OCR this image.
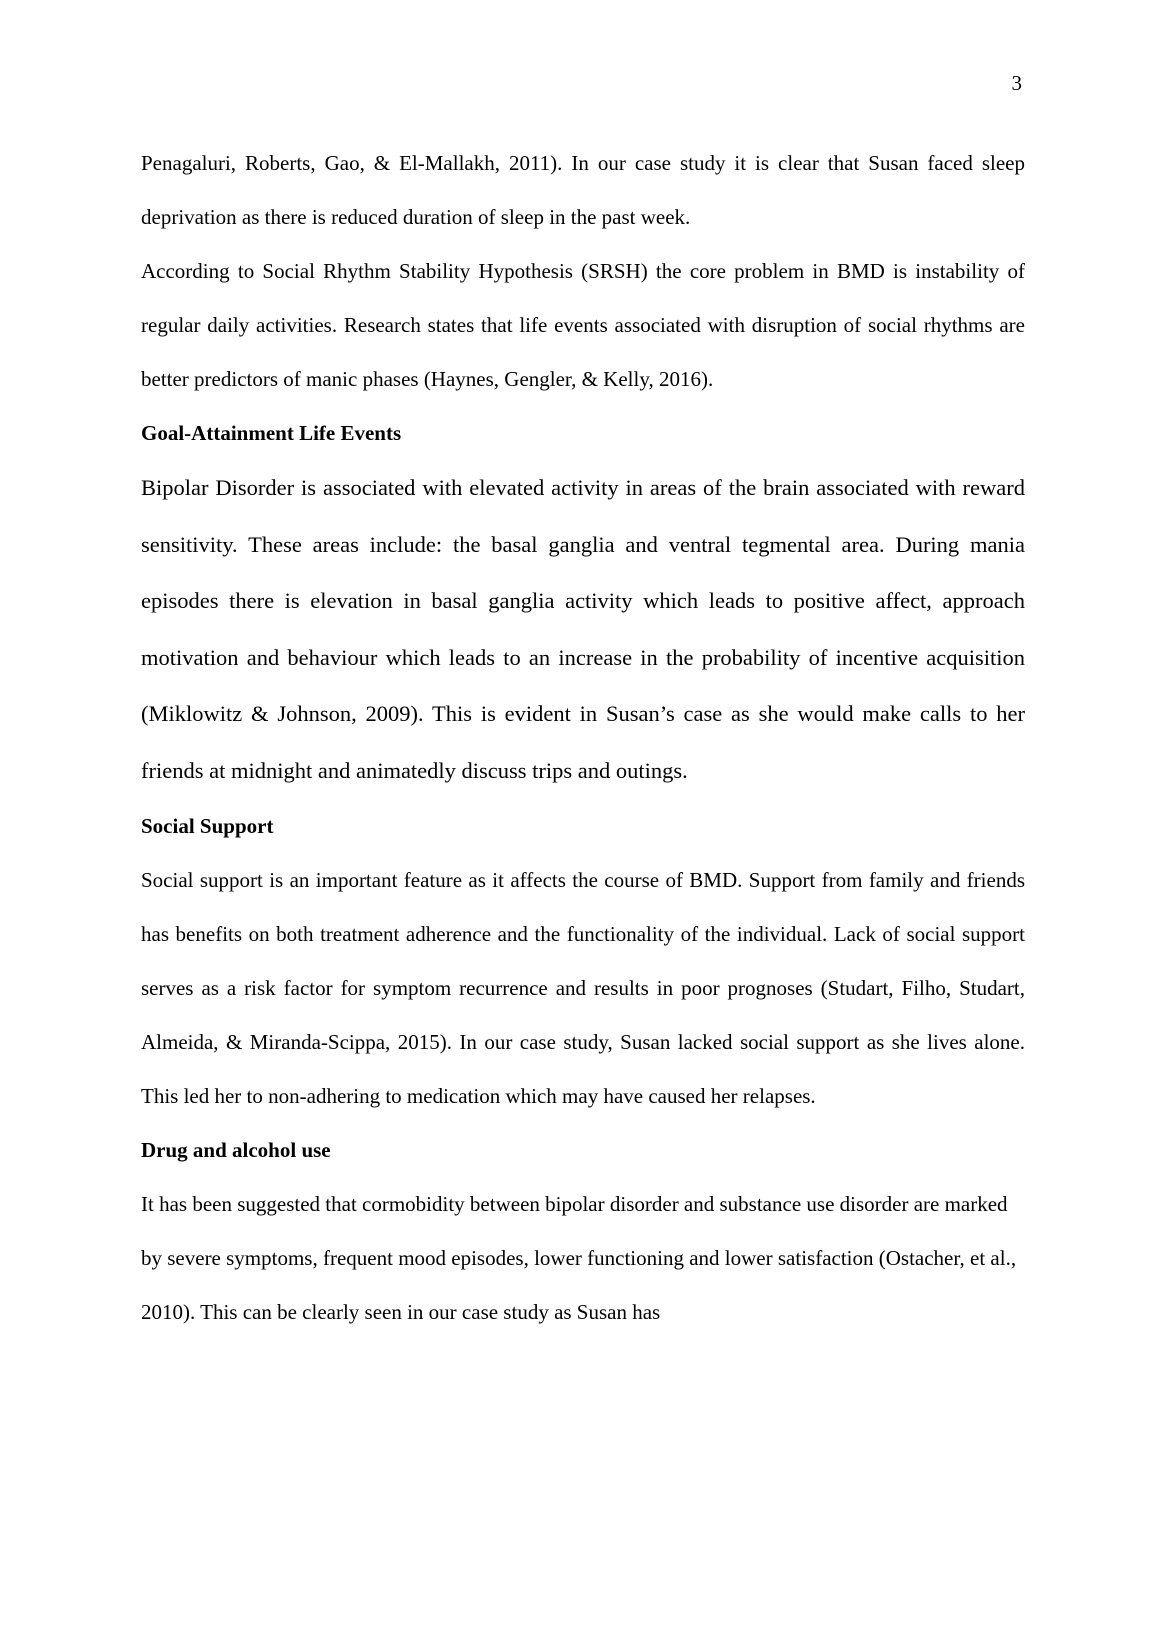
3

Penagaluri, Roberts, Gao, & El-Mallakh, 2011). In our case study it is clear that Susan faced sleep deprivation as there is reduced duration of sleep in the past week.

According to Social Rhythm Stability Hypothesis (SRSH) the core problem in BMD is instability of regular daily activities. Research states that life events associated with disruption of social rhythms are better predictors of manic phases (Haynes, Gengler, & Kelly, 2016).

Goal-Attainment Life Events

Bipolar Disorder is associated with elevated activity in areas of the brain associated with reward sensitivity. These areas include: the basal ganglia and ventral tegmental area. During mania episodes there is elevation in basal ganglia activity which leads to positive affect, approach motivation and behaviour which leads to an increase in the probability of incentive acquisition (Miklowitz & Johnson, 2009). This is evident in Susan’s case as she would make calls to her friends at midnight and animatedly discuss trips and outings.

Social Support

Social support is an important feature as it affects the course of BMD. Support from family and friends has benefits on both treatment adherence and the functionality of the individual. Lack of social support serves as a risk factor for symptom recurrence and results in poor prognoses (Studart, Filho, Studart, Almeida, & Miranda-Scippa, 2015). In our case study, Susan lacked social support as she lives alone. This led her to non-adhering to medication which may have caused her relapses.

Drug and alcohol use

It has been suggested that cormobidity between bipolar disorder and substance use disorder are marked by severe symptoms, frequent mood episodes, lower functioning and lower satisfaction (Ostacher, et al., 2010). This can be clearly seen in our case study as Susan has
